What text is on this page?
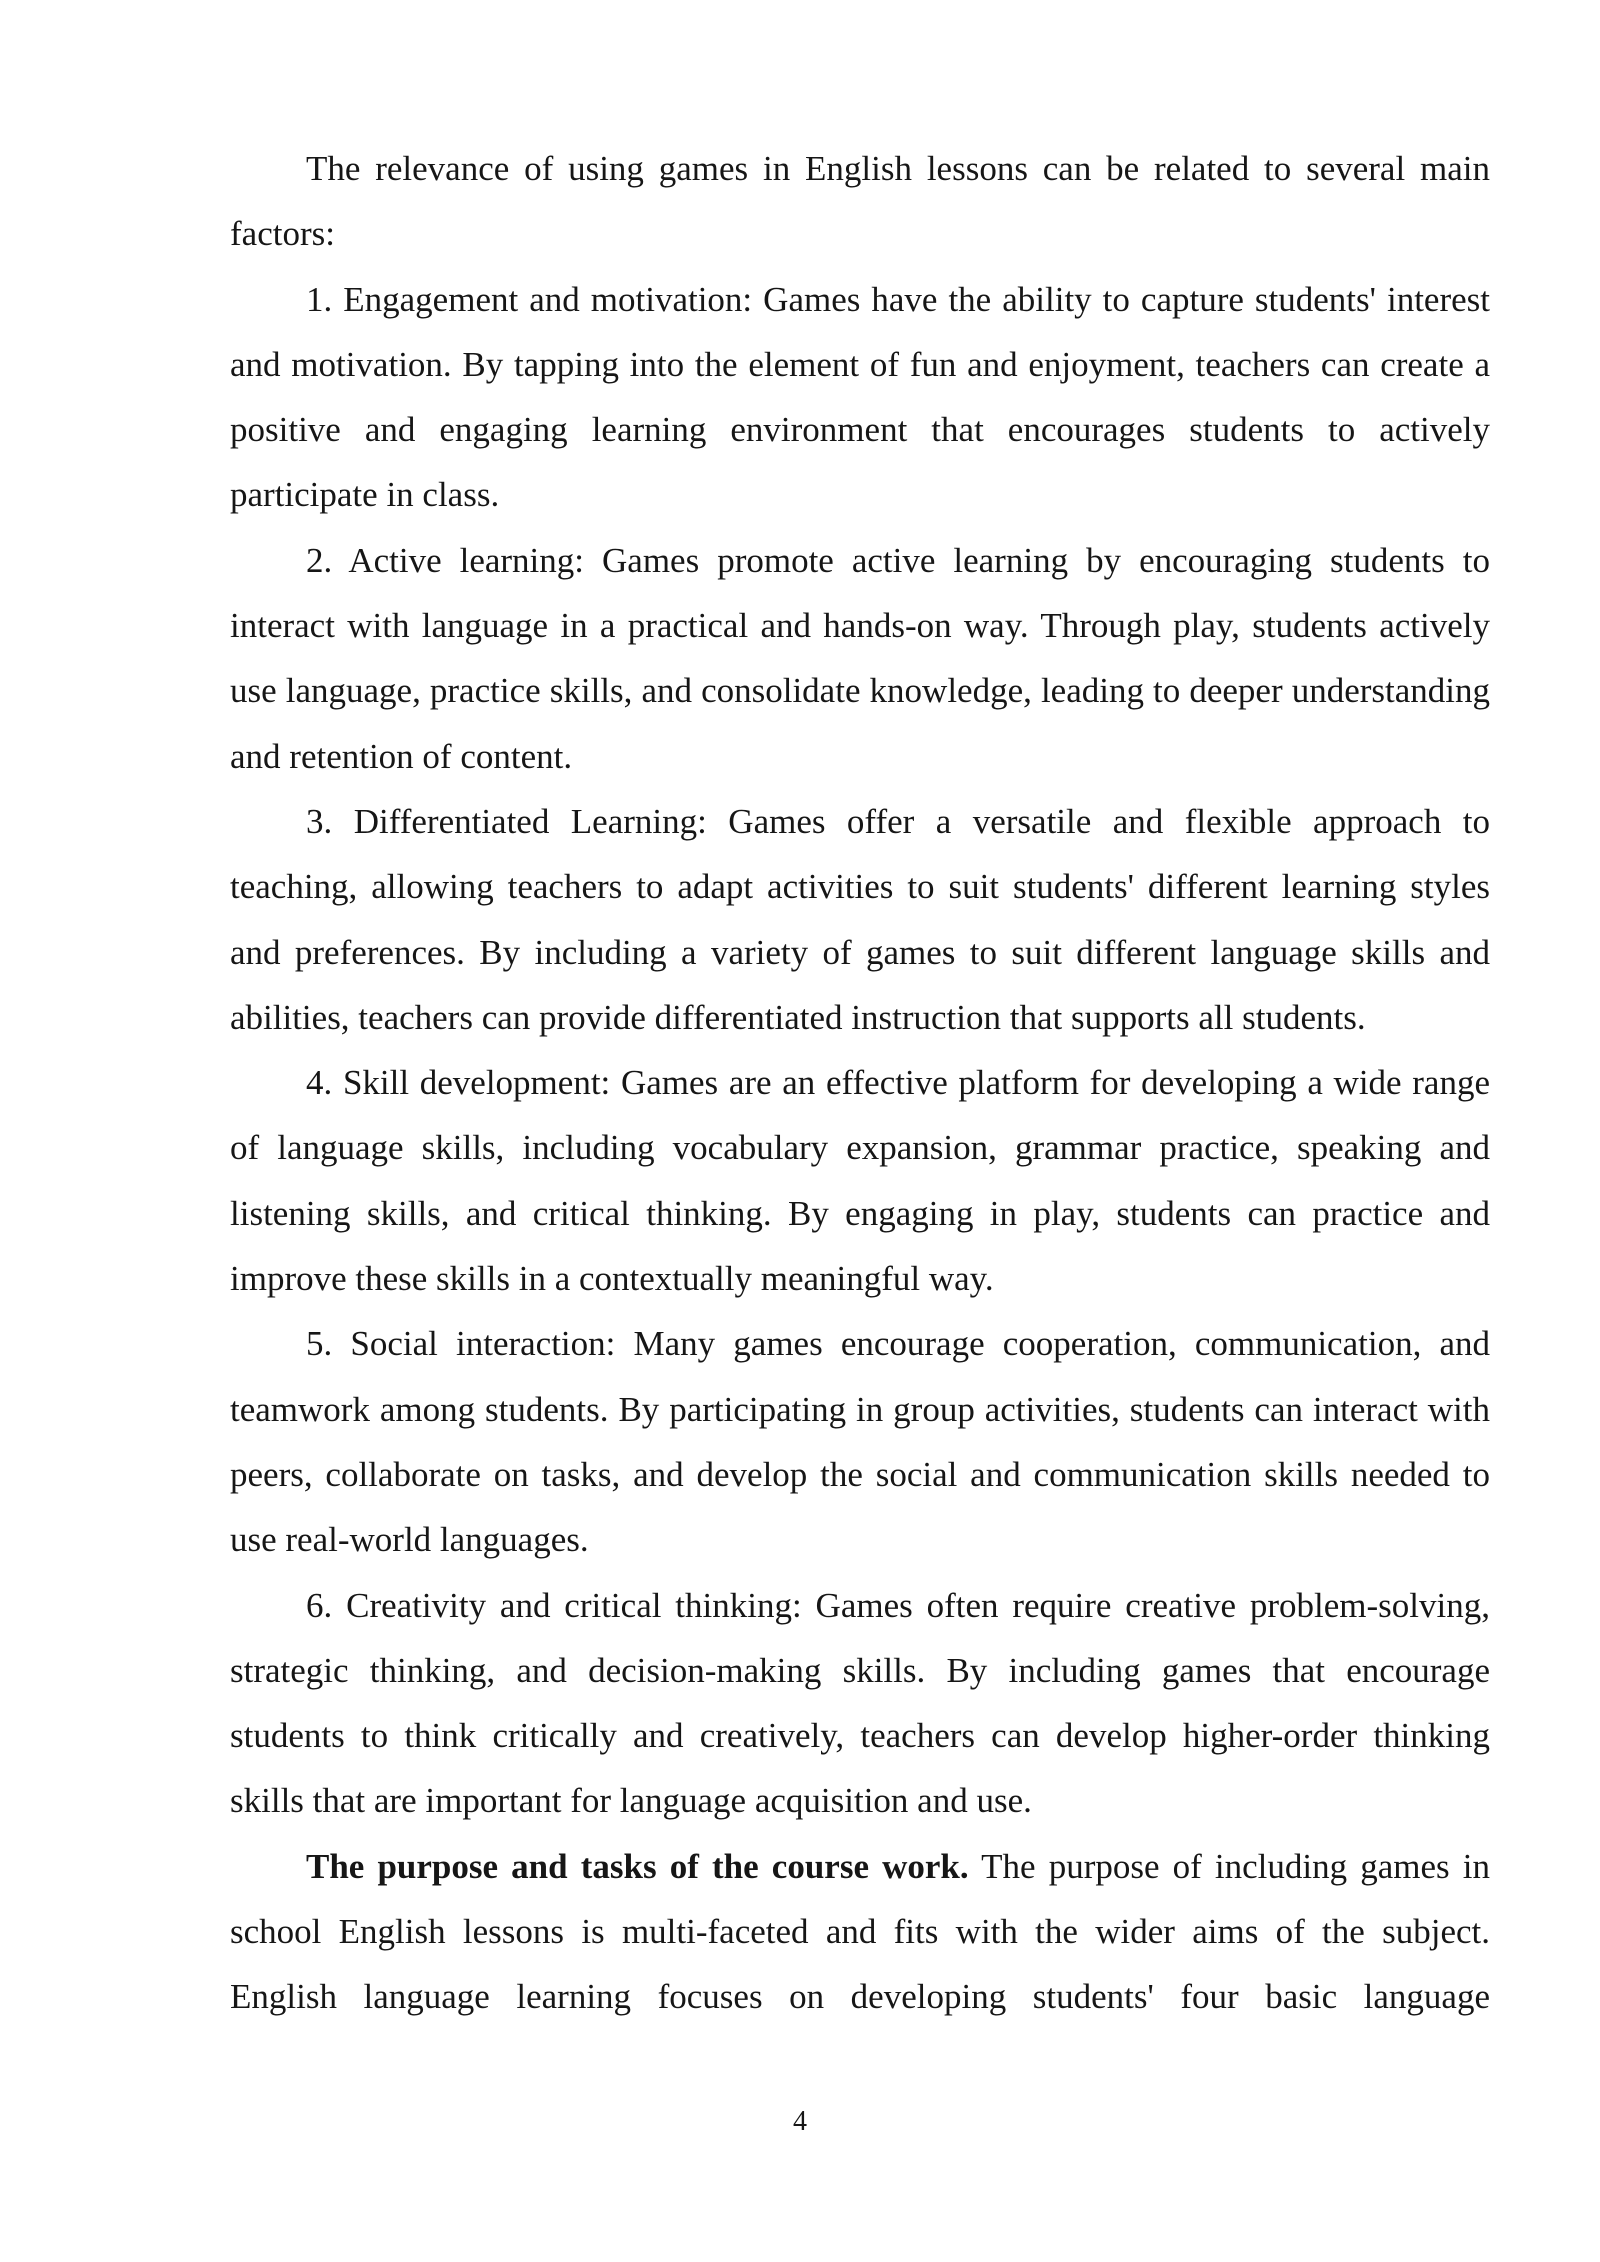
The relevance of using games in English lessons can be related to several main factors:

1. Engagement and motivation: Games have the ability to capture students' interest and motivation. By tapping into the element of fun and enjoyment, teachers can create a positive and engaging learning environment that encourages students to actively participate in class.

2. Active learning: Games promote active learning by encouraging students to interact with language in a practical and hands-on way. Through play, students actively use language, practice skills, and consolidate knowledge, leading to deeper understanding and retention of content.

3. Differentiated Learning: Games offer a versatile and flexible approach to teaching, allowing teachers to adapt activities to suit students' different learning styles and preferences. By including a variety of games to suit different language skills and abilities, teachers can provide differentiated instruction that supports all students.

4. Skill development: Games are an effective platform for developing a wide range of language skills, including vocabulary expansion, grammar practice, speaking and listening skills, and critical thinking. By engaging in play, students can practice and improve these skills in a contextually meaningful way.

5. Social interaction: Many games encourage cooperation, communication, and teamwork among students. By participating in group activities, students can interact with peers, collaborate on tasks, and develop the social and communication skills needed to use real-world languages.

6. Creativity and critical thinking: Games often require creative problem-solving, strategic thinking, and decision-making skills. By including games that encourage students to think critically and creatively, teachers can develop higher-order thinking skills that are important for language acquisition and use.

The purpose and tasks of the course work. The purpose of including games in school English lessons is multi-faceted and fits with the wider aims of the subject. English language learning focuses on developing students' four basic language

4
